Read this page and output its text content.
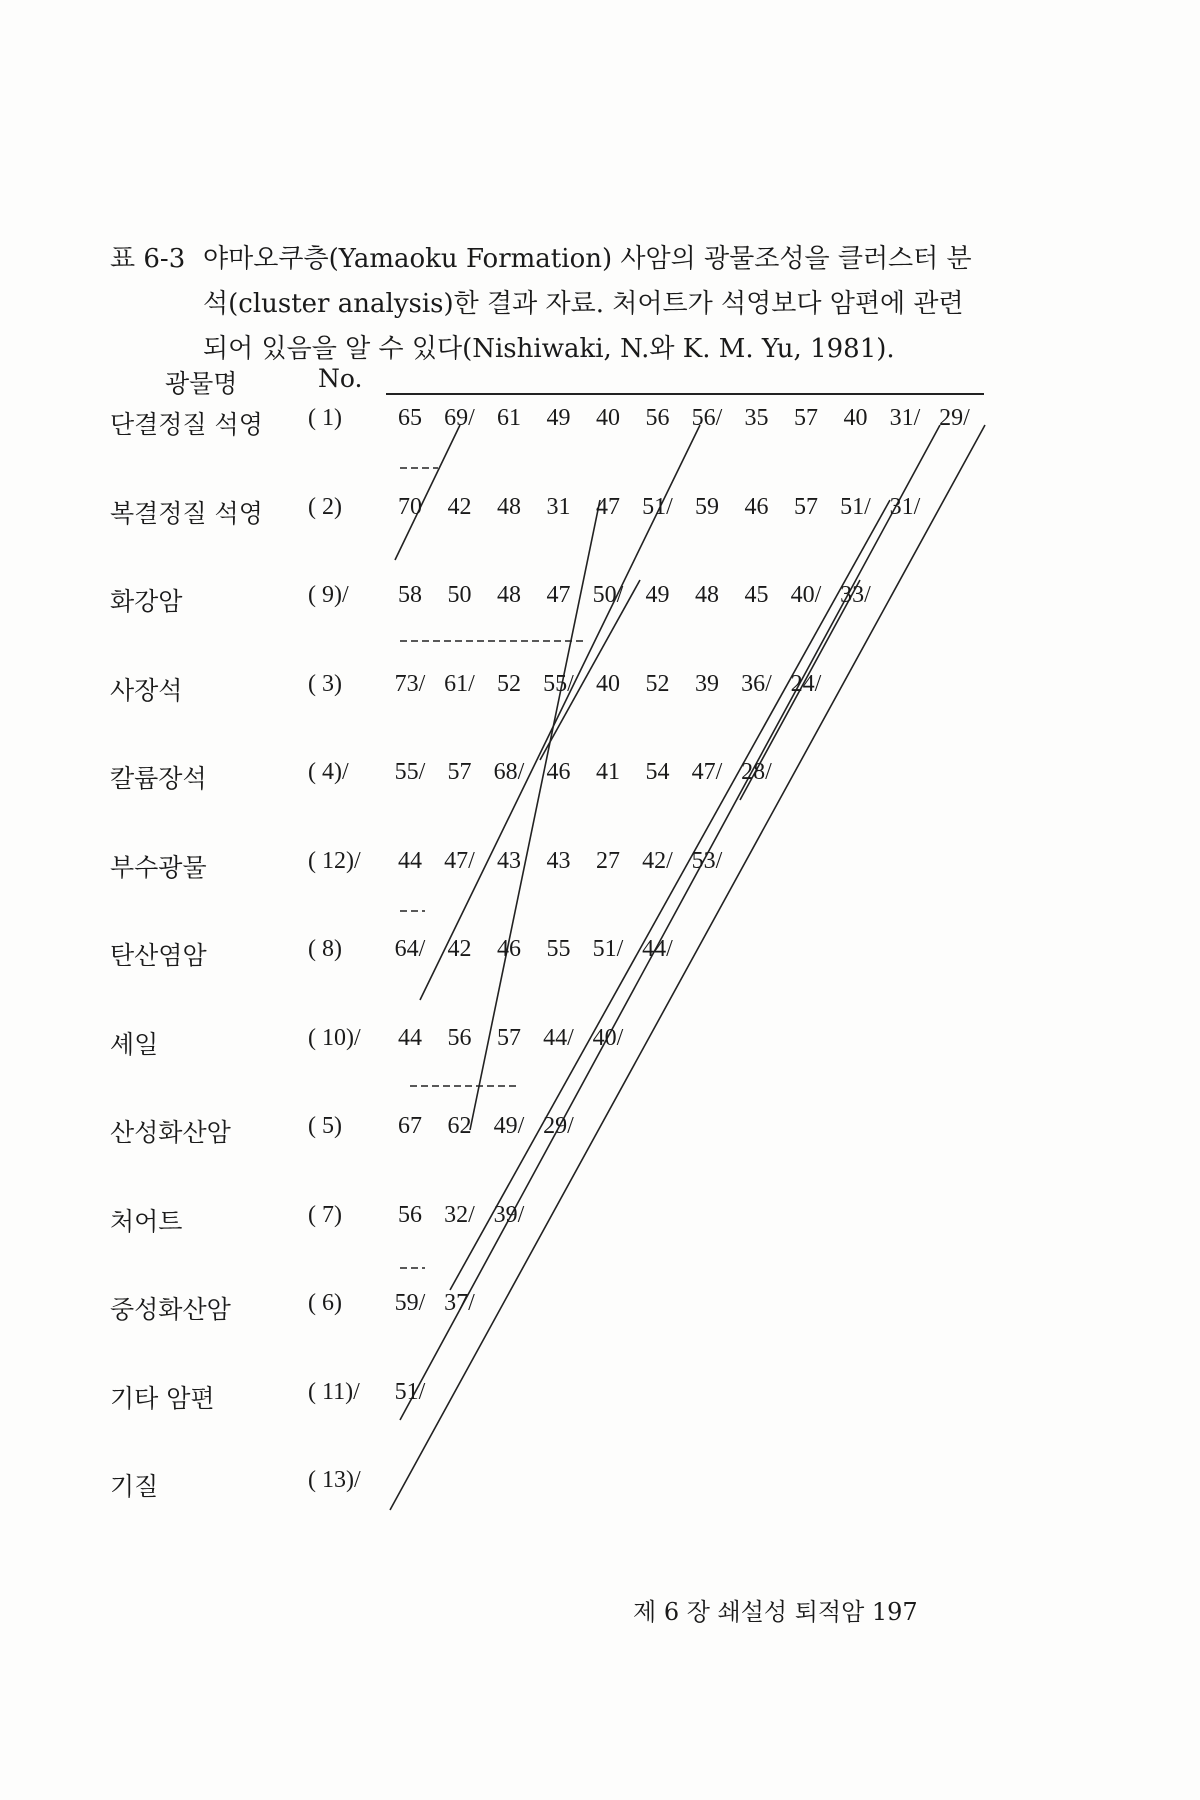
표 6-3 야마오쿠층(Yamaoku Formation) 사암의 광물조성을 클러스터 분
석(cluster analysis)한 결과 자료. 처어트가 석영보다 암편에 관련
되어 있음을 알 수 있다(Nishiwaki, N.와 K. M. Yu, 1981).
광물명	No.
단결정질 석영 ( 1) 65 69/ 61 49 40 56 56/ 35 57 40 31/ 29/
복결정질 석영 ( 2) 70 42 48 31 47 51/ 59 46 57 51/ 31/
화강암	( 9)/ 58 50 48 47 50/ 49 48 45 40/ 33/
사장석	( 3) 73/ 61/ 52 55/ 40 52 39 36/ 24/
칼륨장석	( 4)/ 55/ 57 68/ 46 41 54 47/ 28/
부수광물	( 12)/ 44 47/ 43 43 27 42/ 53/
탄산염암	( 8) 64/ 42 46 55 51/ 44/
셰일	( 10)/ 44 56 57 44/ 40/
산성화산암	( 5) 67 62 49/ 29/
처어트	( 7) 56 32/ 39/
중성화산암	( 6) 59/ 37/
기타 암편	( 11)/ 51/
기질	( 13)/
제 6 장 쇄설성 퇴적암 197
